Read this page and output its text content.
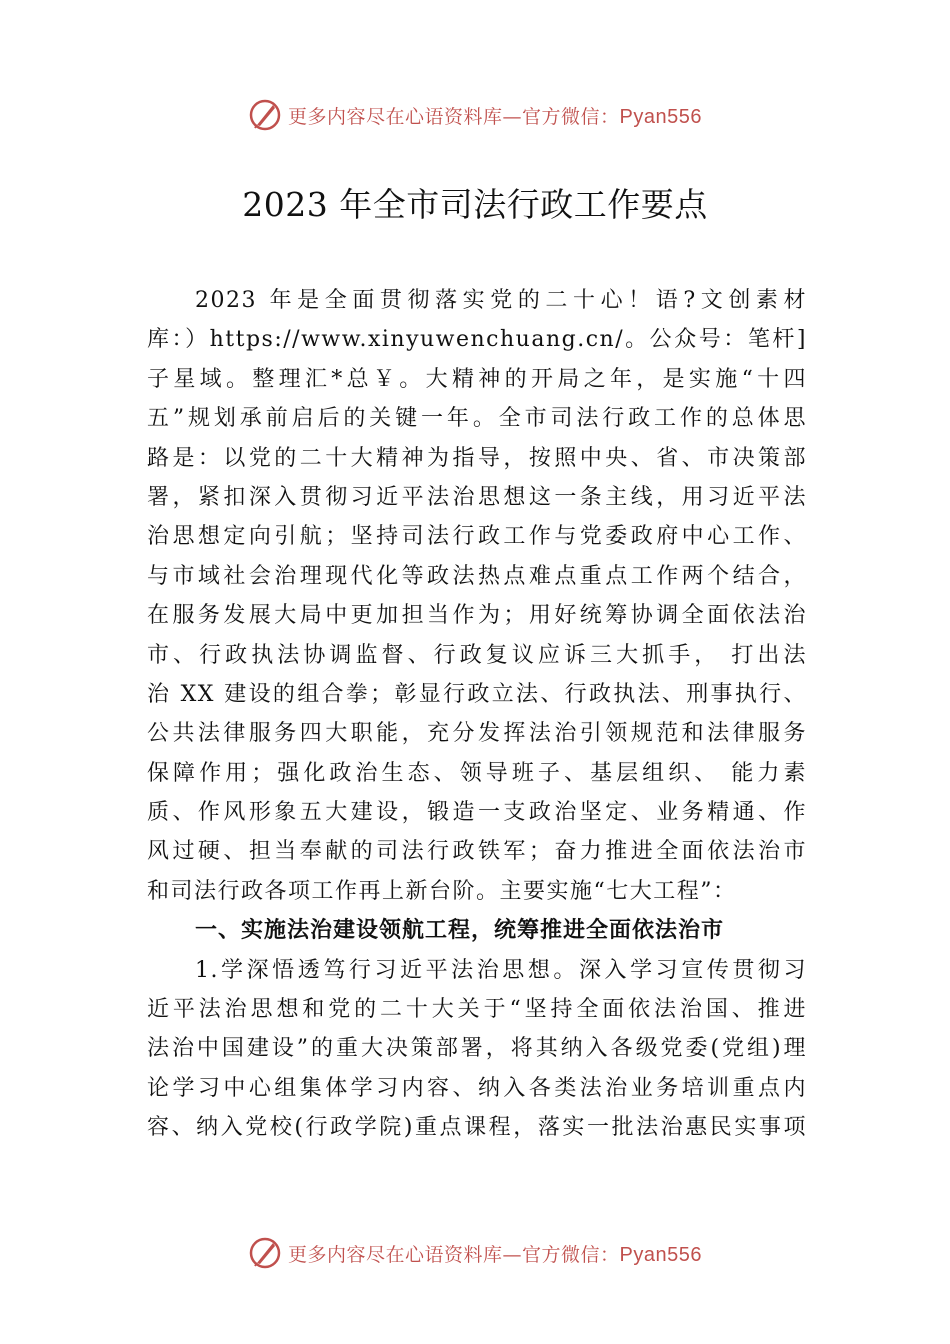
更多内容尽在心语资料库—官方微信：Pyan556
2023 年全市司法行政工作要点
2023 年是全面贯彻落实党的二十心！语?文创素材
库：）https://www.xinyuwenchuang.cn/。公众号：笔杆]
子星域。整理汇*总￥。大精神的开局之年，是实施“十四
五”规划承前启后的关键一年。全市司法行政工作的总体思
路是：以党的二十大精神为指导，按照中央、省、市决策部
署，紧扣深入贯彻习近平法治思想这一条主线，用习近平法
治思想定向引航；坚持司法行政工作与党委政府中心工作、
与市域社会治理现代化等政法热点难点重点工作两个结合，
在服务发展大局中更加担当作为；用好统筹协调全面依法治
市、行政执法协调监督、行政复议应诉三大抓手， 打出法
治 XX 建设的组合拳；彰显行政立法、行政执法、刑事执行、
公共法律服务四大职能，充分发挥法治引领规范和法律服务
保障作用；强化政治生态、领导班子、基层组织、 能力素
质、作风形象五大建设，锻造一支政治坚定、业务精通、作
风过硬、担当奉献的司法行政铁军；奋力推进全面依法治市
和司法行政各项工作再上新台阶。主要实施“七大工程”：
一、实施法治建设领航工程，统筹推进全面依法治市
1.学深悟透笃行习近平法治思想。深入学习宣传贯彻习
近平法治思想和党的二十大关于“坚持全面依法治国、推进
法治中国建设”的重大决策部署，将其纳入各级党委(党组)理
论学习中心组集体学习内容、纳入各类法治业务培训重点内
容、纳入党校(行政学院)重点课程，落实一批法治惠民实事项
更多内容尽在心语资料库—官方微信：Pyan556
